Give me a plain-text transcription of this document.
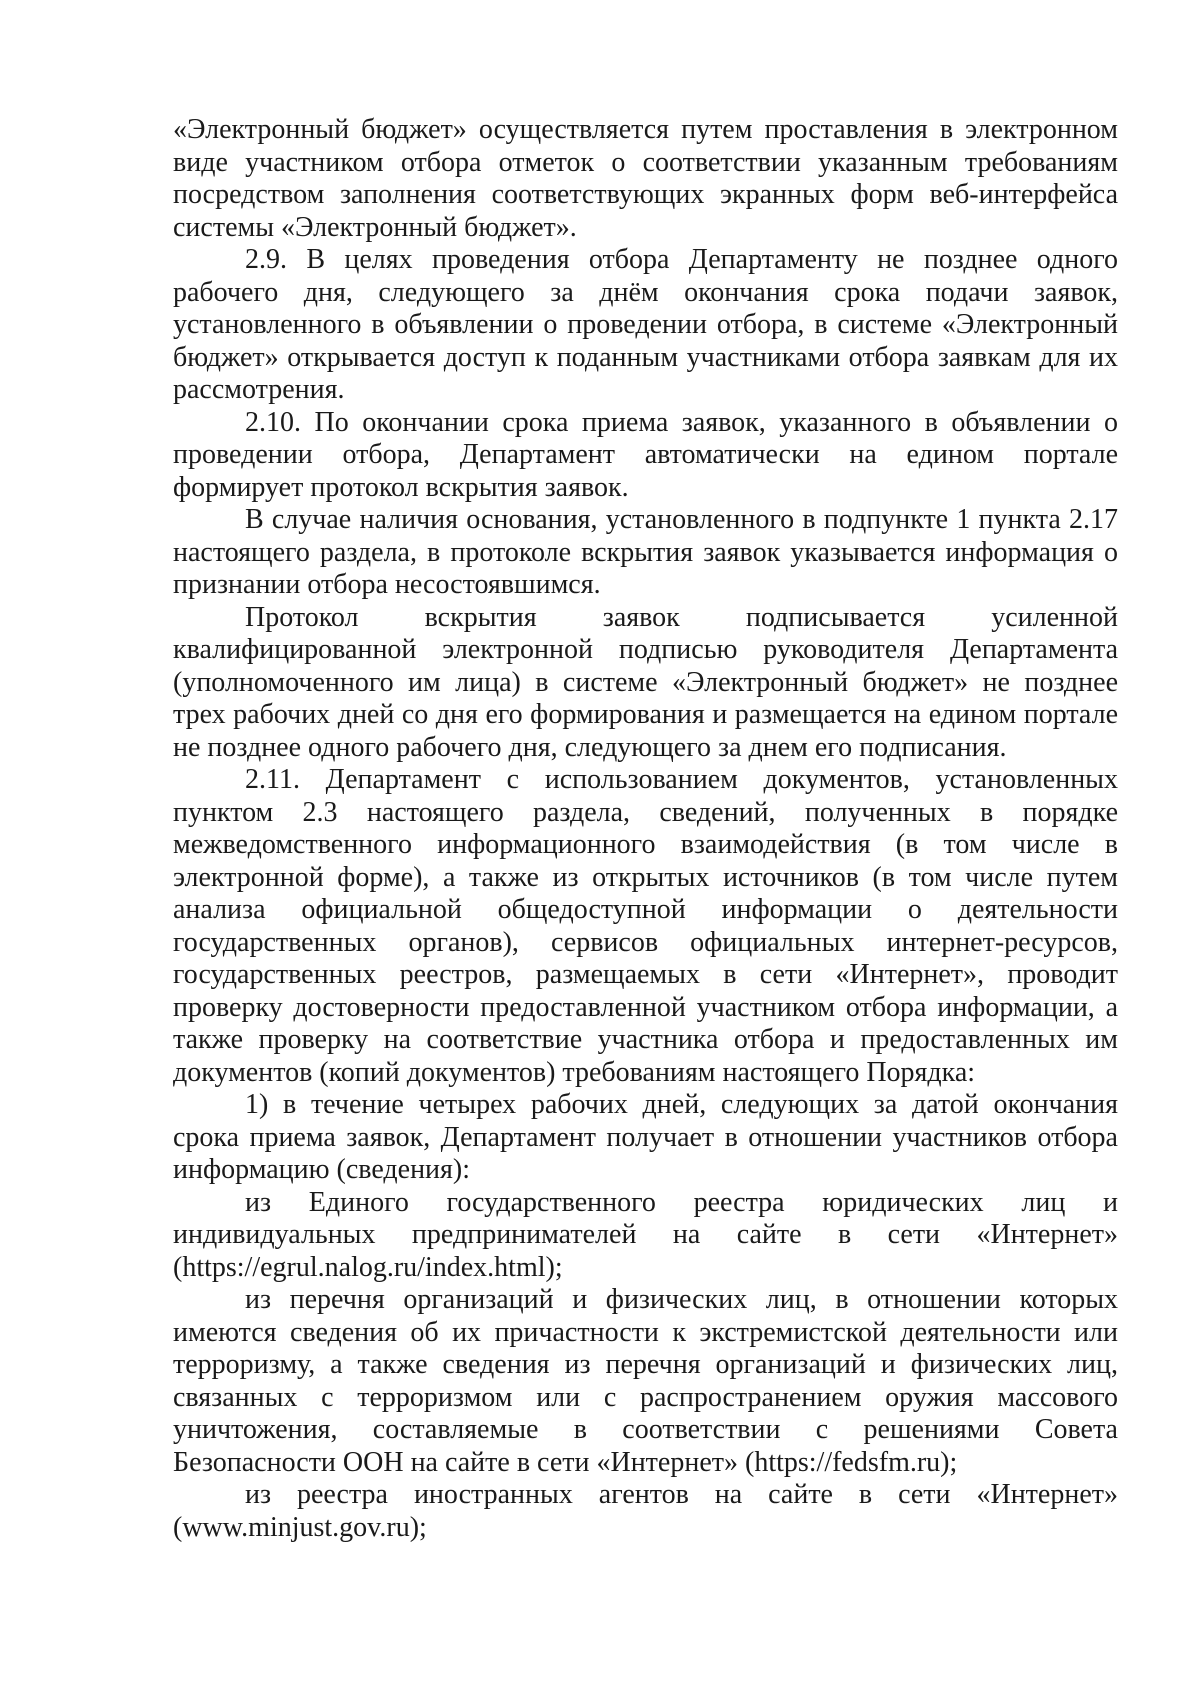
«Электронный бюджет» осуществляется путем проставления в электронном виде участником отбора отметок о соответствии указанным требованиям посредством заполнения соответствующих экранных форм веб-интерфейса системы «Электронный бюджет».

2.9. В целях проведения отбора Департаменту не позднее одного рабочего дня, следующего за днём окончания срока подачи заявок, установленного в объявлении о проведении отбора, в системе «Электронный бюджет» открывается доступ к поданным участниками отбора заявкам для их рассмотрения.

2.10. По окончании срока приема заявок, указанного в объявлении о проведении отбора, Департамент автоматически на едином портале формирует протокол вскрытия заявок.

В случае наличия основания, установленного в подпункте 1 пункта 2.17 настоящего раздела, в протоколе вскрытия заявок указывается информация о признании отбора несостоявшимся.

Протокол вскрытия заявок подписывается усиленной квалифицированной электронной подписью руководителя Департамента (уполномоченного им лица) в системе «Электронный бюджет» не позднее трех рабочих дней со дня его формирования и размещается на едином портале не позднее одного рабочего дня, следующего за днем его подписания.

2.11. Департамент с использованием документов, установленных пунктом 2.3 настоящего раздела, сведений, полученных в порядке межведомственного информационного взаимодействия (в том числе в электронной форме), а также из открытых источников (в том числе путем анализа официальной общедоступной информации о деятельности государственных органов), сервисов официальных интернет-ресурсов, государственных реестров, размещаемых в сети «Интернет», проводит проверку достоверности предоставленной участником отбора информации, а также проверку на соответствие участника отбора и предоставленных им документов (копий документов) требованиям настоящего Порядка:

1) в течение четырех рабочих дней, следующих за датой окончания срока приема заявок, Департамент получает в отношении участников отбора информацию (сведения):

из Единого государственного реестра юридических лиц и индивидуальных предпринимателей на сайте в сети «Интернет» (https://egrul.nalog.ru/index.html);

из перечня организаций и физических лиц, в отношении которых имеются сведения об их причастности к экстремистской деятельности или терроризму, а также сведения из перечня организаций и физических лиц, связанных с терроризмом или с распространением оружия массового уничтожения, составляемые в соответствии с решениями Совета Безопасности ООН на сайте в сети «Интернет» (https://fedsfm.ru);

из реестра иностранных агентов на сайте в сети «Интернет» (www.minjust.gov.ru);
